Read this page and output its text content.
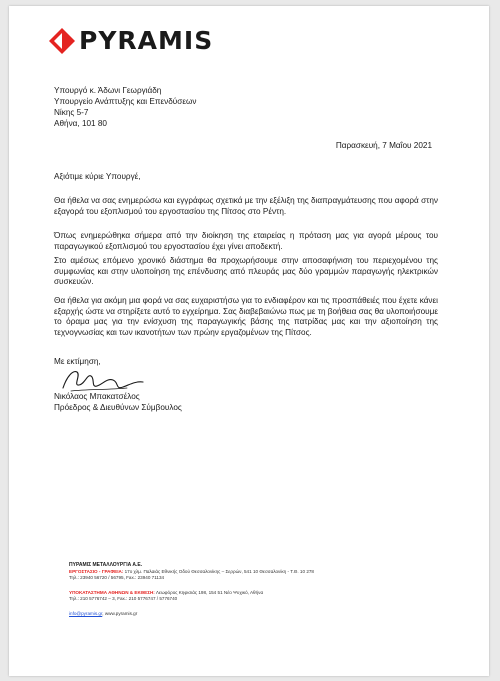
PYRAMIS
Υπουργό κ. Άδωνι Γεωργιάδη
Υπουργείο Ανάπτυξης και Επενδύσεων
Νίκης 5-7
Αθήνα, 101 80
Παρασκευή, 7 Μαΐου 2021
Αξιότιμε κύριε Υπουργέ,

Θα ήθελα να σας ενημερώσω και εγγράφως σχετικά με την εξέλιξη της διαπραγμάτευσης που αφορά στην εξαγορά του εξοπλισμού του εργοστασίου της Πίτσος στο Ρέντη.

Όπως ενημερώθηκα σήμερα από την διοίκηση της εταιρείας η πρόταση μας για αγορά μέρους του παραγωγικού εξοπλισμού του εργοστασίου έχει γίνει αποδεκτή.

Στο αμέσως επόμενο χρονικό διάστημα θα προχωρήσουμε στην αποσαφήνιση του περιεχομένου της συμφωνίας και στην υλοποίηση της επένδυσης από πλευράς μας δύο γραμμών παραγωγής ηλεκτρικών συσκευών.

Θα ήθελα για ακόμη μια φορά να σας ευχαριστήσω για το ενδιαφέρον και τις προσπάθειές που έχετε κάνει εξαρχής ώστε να στηρίξετε αυτό το εγχείρημα. Σας διαβεβαιώνω πως με τη βοήθεια σας θα υλοποιήσουμε το όραμα μας για την ενίσχυση της παραγωγικής βάσης της πατρίδας μας και την αξιοποίηση της τεχνογνωσίας και των ικανοτήτων των πρώην εργαζομένων της Πίτσος.

Με εκτίμηση,
Νικόλαος Μπακατσέλος
Πρόεδρος & Διευθύνων Σύμβουλος
ΠΥΡΑΜΙΣ ΜΕΤΑΛΛΟΥΡΓΙΑ Α.Ε.
ΕΡΓΟΣΤΑΣΙΟ - ΓΡΑΦΕΙΑ: 17ο χλμ. Παλαιάς Εθνικής Οδού Θεσσαλονίκης – Σερρών, 541 10 Θεσσαλονίκη - Τ.Θ. 10 278
Τηλ.: 23940 56720 / 56795, Fax.: 23940 71134
ΥΠΟΚΑΤΑΣΤΗΜΑ ΑΘΗΝΩΝ & ΕΚΘΕΣΗ: Λεωφόρος Κηφισιάς 198, 154 51 Νέο Ψυχικό, Αθήνα
Τηλ.: 210 5776742 – 3, Fax.: 210 5776747 / 5776740
info@pyramis.gr, www.pyramis.gr
